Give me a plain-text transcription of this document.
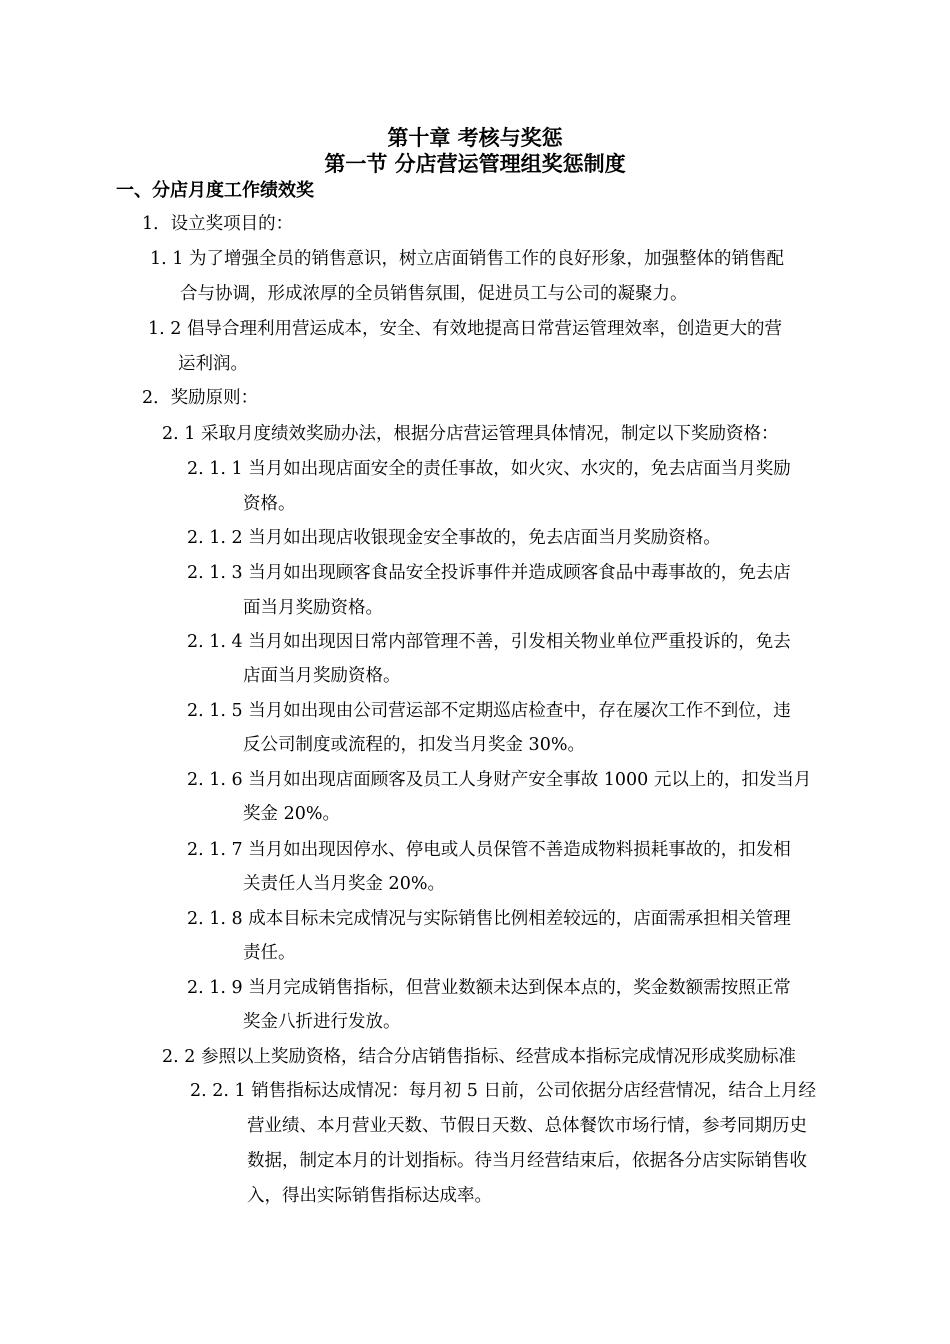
第十章 考核与奖惩
第一节 分店营运管理组奖惩制度
一、分店月度工作绩效奖
1．设立奖项目的：
1. 1 为了增强全员的销售意识，树立店面销售工作的良好形象，加强整体的销售配
合与协调，形成浓厚的全员销售氛围，促进员工与公司的凝聚力。
1. 2 倡导合理利用营运成本，安全、有效地提高日常营运管理效率，创造更大的营
运利润。
2．奖励原则：
2. 1 采取月度绩效奖励办法，根据分店营运管理具体情况，制定以下奖励资格：
2. 1. 1 当月如出现店面安全的责任事故，如火灾、水灾的，免去店面当月奖励
资格。
2. 1. 2 当月如出现店收银现金安全事故的，免去店面当月奖励资格。
2. 1. 3 当月如出现顾客食品安全投诉事件并造成顾客食品中毒事故的，免去店
面当月奖励资格。
2. 1. 4 当月如出现因日常内部管理不善，引发相关物业单位严重投诉的，免去
店面当月奖励资格。
2. 1. 5 当月如出现由公司营运部不定期巡店检查中，存在屡次工作不到位，违
反公司制度或流程的，扣发当月奖金 30%。
2. 1. 6 当月如出现店面顾客及员工人身财产安全事故 1000 元以上的，扣发当月
奖金 20%。
2. 1. 7 当月如出现因停水、停电或人员保管不善造成物料损耗事故的，扣发相
关责任人当月奖金 20%。
2. 1. 8 成本目标未完成情况与实际销售比例相差较远的，店面需承担相关管理
责任。
2. 1. 9 当月完成销售指标，但营业数额未达到保本点的，奖金数额需按照正常
奖金八折进行发放。
2. 2 参照以上奖励资格，结合分店销售指标、经营成本指标完成情况形成奖励标准
2. 2. 1 销售指标达成情况：每月初 5 日前，公司依据分店经营情况，结合上月经
营业绩、本月营业天数、节假日天数、总体餐饮市场行情，参考同期历史
数据，制定本月的计划指标。待当月经营结束后，依据各分店实际销售收
入，得出实际销售指标达成率。
